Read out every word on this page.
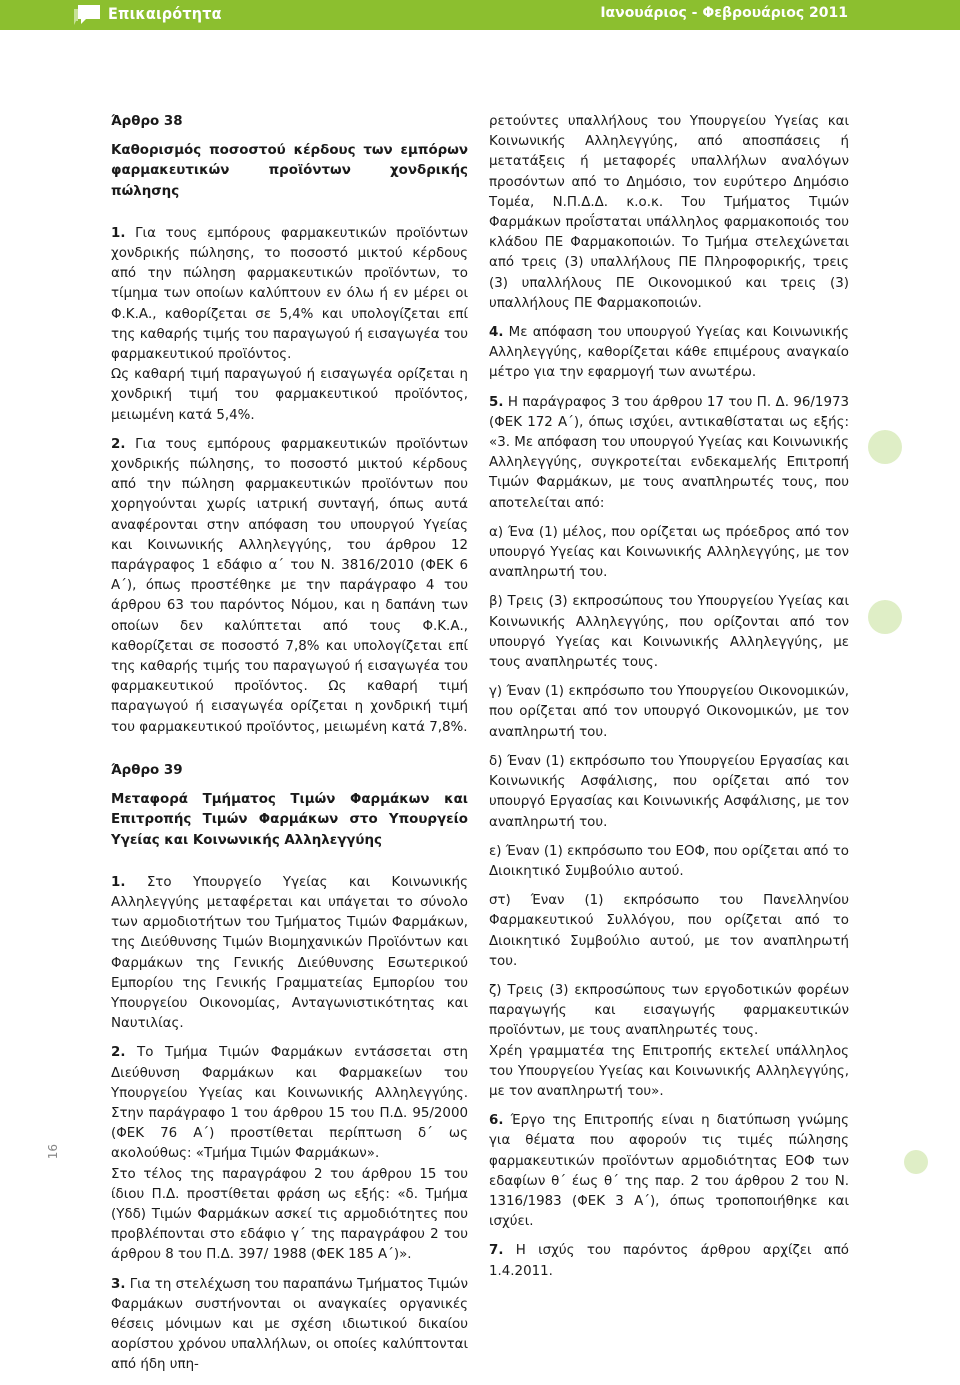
Επικαιρότητα	Ιανουάριος - Φεβρουάριος 2011
16

Άρθρο 38

Καθορισμός ποσοστού κέρδους των εμπόρων φαρμακευτικών προϊόντων χονδρικής πώλησης

1. Για τους εμπόρους φαρμακευτικών προϊόντων χονδρικής πώλησης, το ποσοστό μικτού κέρδους από την πώληση φαρμακευτικών προϊόντων, το τίμημα των οποίων καλύπτουν εν όλω ή εν μέρει οι Φ.Κ.Α., καθορίζεται σε 5,4% και υπολογίζεται επί της καθαρής τιμής του παραγωγού ή εισαγωγέα του φαρμακευτικού προϊόντος.

Ως καθαρή τιμή παραγωγού ή εισαγωγέα ορίζεται η χονδρική τιμή του φαρμακευτικού προϊόντος, μειωμένη κατά 5,4%.

2. Για τους εμπόρους φαρμακευτικών προϊόντων χονδρικής πώλησης, το ποσοστό μικτού κέρδους από την πώληση φαρμακευτικών προϊόντων που χορηγούνται χωρίς ιατρική συνταγή, όπως αυτά αναφέρονται στην απόφαση του υπουργού Υγείας και Κοινωνικής Αλληλεγγύης, του άρθρου 12 παράγραφος 1 εδάφιο α΄ του Ν. 3816/2010 (ΦΕΚ 6 Α΄), όπως προστέθηκε με την παράγραφο 4 του άρθρου 63 του παρόντος Νόμου, και η δαπάνη των οποίων δεν καλύπτεται από τους Φ.Κ.Α., καθορίζεται σε ποσοστό 7,8% και υπολογίζεται επί της καθαρής τιμής του παραγωγού ή εισαγωγέα του φαρμακευτικού προϊόντος. Ως καθαρή τιμή παραγωγού ή εισαγωγέα ορίζεται η χονδρική τιμή του φαρμακευτικού προϊόντος, μειωμένη κατά 7,8%.

Άρθρο 39

Μεταφορά Τμήματος Τιμών Φαρμάκων και Επιτροπής Τιμών Φαρμάκων στο Υπουργείο Υγείας και Κοινωνικής Αλληλεγγύης

1. Στο Υπουργείο Υγείας και Κοινωνικής Αλληλεγγύης μεταφέρεται και υπάγεται το σύνολο των αρμοδιοτήτων του Τμήματος Τιμών Φαρμάκων, της Διεύθυνσης Τιμών Βιομηχανικών Προϊόντων και Φαρμάκων της Γενικής Διεύθυνσης Εσωτερικού Εμπορίου της Γενικής Γραμματείας Εμπορίου του Υπουργείου Οικονομίας, Ανταγωνιστικότητας και Ναυτιλίας.

2. Το Τμήμα Τιμών Φαρμάκων εντάσσεται στη Διεύθυνση Φαρμάκων και Φαρμακείων του Υπουργείου Υγείας και Κοινωνικής Αλληλεγγύης. Στην παράγραφο 1 του άρθρου 15 του Π.Δ. 95/2000 (ΦΕΚ 76 Α΄) προστίθεται περίπτωση δ΄ ως ακολούθως: «Τμήμα Τιμών Φαρμάκων».

Στο τέλος της παραγράφου 2 του άρθρου 15 του ίδιου Π.Δ. προστίθεται φράση ως εξής: «δ. Τμήμα (Υδδ) Τιμών Φαρμάκων ασκεί τις αρμοδιότητες που προβλέπονται στο εδάφιο γ΄ της παραγράφου 2 του άρθρου 8 του Π.Δ. 397/ 1988 (ΦΕΚ 185 Α΄)».

3. Για τη στελέχωση του παραπάνω Τμήματος Τιμών Φαρμάκων συστήνονται οι αναγκαίες οργανικές θέσεις μόνιμων και με σχέση ιδιωτικού δικαίου αορίστου χρόνου υπαλλήλων, οι οποίες καλύπτονται από ήδη υπη-

ρετούντες υπαλλήλους του Υπουργείου Υγείας και Κοινωνικής Αλληλεγγύης, από αποσπάσεις ή μετατάξεις ή μεταφορές υπαλλήλων αναλόγων προσόντων από το Δημόσιο, τον ευρύτερο Δημόσιο Τομέα, Ν.Π.Δ.Δ. κ.ο.κ. Του Τμήματος Τιμών Φαρμάκων προΐσταται υπάλληλος φαρμακοποιός του κλάδου ΠΕ Φαρμακοποιών. Το Τμήμα στελεχώνεται από τρεις (3) υπαλλήλους ΠΕ Πληροφορικής, τρεις (3) υπαλλήλους ΠΕ Οικονομικού και τρεις (3) υπαλλήλους ΠΕ Φαρμακοποιών.

4. Με απόφαση του υπουργού Υγείας και Κοινωνικής Αλληλεγγύης, καθορίζεται κάθε επιμέρους αναγκαίο μέτρο για την εφαρμογή των ανωτέρω.

5. Η παράγραφος 3 του άρθρου 17 του Π. Δ. 96/1973 (ΦΕΚ 172 Α΄), όπως ισχύει, αντικαθίσταται ως εξής: «3. Με απόφαση του υπουργού Υγείας και Κοινωνικής Αλληλεγγύης, συγκροτείται ενδεκαμελής Επιτροπή Τιμών Φαρμάκων, με τους αναπληρωτές τους, που αποτελείται από:

α) Ένα (1) μέλος, που ορίζεται ως πρόεδρος από τον υπουργό Υγείας και Κοινωνικής Αλληλεγγύης, με τον αναπληρωτή του.

β) Τρεις (3) εκπροσώπους του Υπουργείου Υγείας και Κοινωνικής Αλληλεγγύης, που ορίζονται από τον υπουργό Υγείας και Κοινωνικής Αλληλεγγύης, με τους αναπληρωτές τους.

γ) Έναν (1) εκπρόσωπο του Υπουργείου Οικονομικών, που ορίζεται από τον υπουργό Οικονομικών, με τον αναπληρωτή του.

δ) Έναν (1) εκπρόσωπο του Υπουργείου Εργασίας και Κοινωνικής Ασφάλισης, που ορίζεται από τον υπουργό Εργασίας και Κοινωνικής Ασφάλισης, με τον αναπληρωτή του.

ε) Έναν (1) εκπρόσωπο του ΕΟΦ, που ορίζεται από το Διοικητικό Συμβούλιο αυτού.

στ) Έναν (1) εκπρόσωπο του Πανελληνίου Φαρμακευτικού Συλλόγου, που ορίζεται από το Διοικητικό Συμβούλιο αυτού, με τον αναπληρωτή του.

ζ) Τρεις (3) εκπροσώπους των εργοδοτικών φορέων παραγωγής και εισαγωγής φαρμακευτικών προϊόντων, με τους αναπληρωτές τους.

Χρέη γραμματέα της Επιτροπής εκτελεί υπάλληλος του Υπουργείου Υγείας και Κοινωνικής Αλληλεγγύης, με τον αναπληρωτή του».

6. Έργο της Επιτροπής είναι η διατύπωση γνώμης για θέματα που αφορούν τις τιμές πώλησης φαρμακευτικών προϊόντων αρμοδιότητας ΕΟΦ των εδαφίων θ΄ έως θ΄ της παρ. 2 του άρθρου 2 του Ν. 1316/1983 (ΦΕΚ 3 Α΄), όπως τροποποιήθηκε και ισχύει.

7. Η ισχύς του παρόντος άρθρου αρχίζει από 1.4.2011.
